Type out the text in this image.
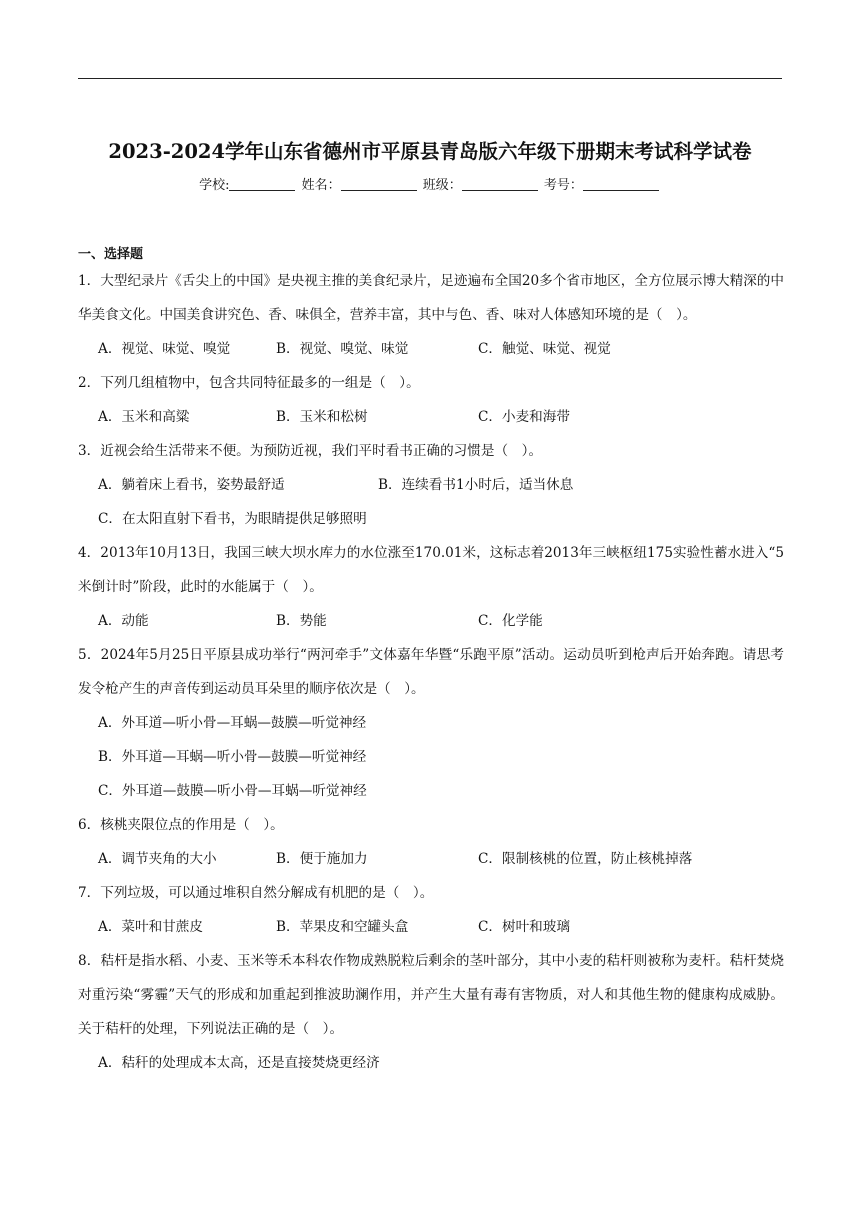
2023-2024学年山东省德州市平原县青岛版六年级下册期末考试科学试卷
学校:	姓名：	班级：	考号：
一、选择题

1．大型纪录片《舌尖上的中国》是央视主推的美食纪录片，足迹遍布全国20多个省市地区，全方位展示博大精深的中华美食文化。中国美食讲究色、香、味俱全，营养丰富，其中与色、香、味对人体感知环境的是（　）。

A．视觉、味觉、嗅觉	B．视觉、嗅觉、味觉	C．触觉、味觉、视觉

2．下列几组植物中，包含共同特征最多的一组是（　）。

A．玉米和高粱	B．玉米和松树	C．小麦和海带

3．近视会给生活带来不便。为预防近视，我们平时看书正确的习惯是（　）。

A．躺着床上看书，姿势最舒适	B．连续看书1小时后，适当休息

C．在太阳直射下看书，为眼睛提供足够照明

4．2013年10月13日，我国三峡大坝水库力的水位涨至170.01米，这标志着2013年三峡枢纽175实验性蓄水进入“5米倒计时”阶段，此时的水能属于（　）。

A．动能	B．势能	C．化学能

5．2024年5月25日平原县成功举行“两河牵手”文体嘉年华暨“乐跑平原”活动。运动员听到枪声后开始奔跑。请思考发令枪产生的声音传到运动员耳朵里的顺序依次是（　）。

A．外耳道—听小骨—耳蜗—鼓膜—听觉神经

B．外耳道—耳蜗—听小骨—鼓膜—听觉神经

C．外耳道—鼓膜—听小骨—耳蜗—听觉神经

6．核桃夹限位点的作用是（　）。

A．调节夹角的大小	B．便于施加力	C．限制核桃的位置，防止核桃掉落

7．下列垃圾，可以通过堆积自然分解成有机肥的是（　）。

A．菜叶和甘蔗皮	B．苹果皮和空罐头盒	C．树叶和玻璃

8．秸杆是指水稻、小麦、玉米等禾本科农作物成熟脱粒后剩余的茎叶部分，其中小麦的秸杆则被称为麦杆。秸杆焚烧对重污染“雾霾”天气的形成和加重起到推波助澜作用，并产生大量有毒有害物质，对人和其他生物的健康构成威胁。关于秸杆的处理，下列说法正确的是（　）。

A．秸秆的处理成本太高，还是直接焚烧更经济
